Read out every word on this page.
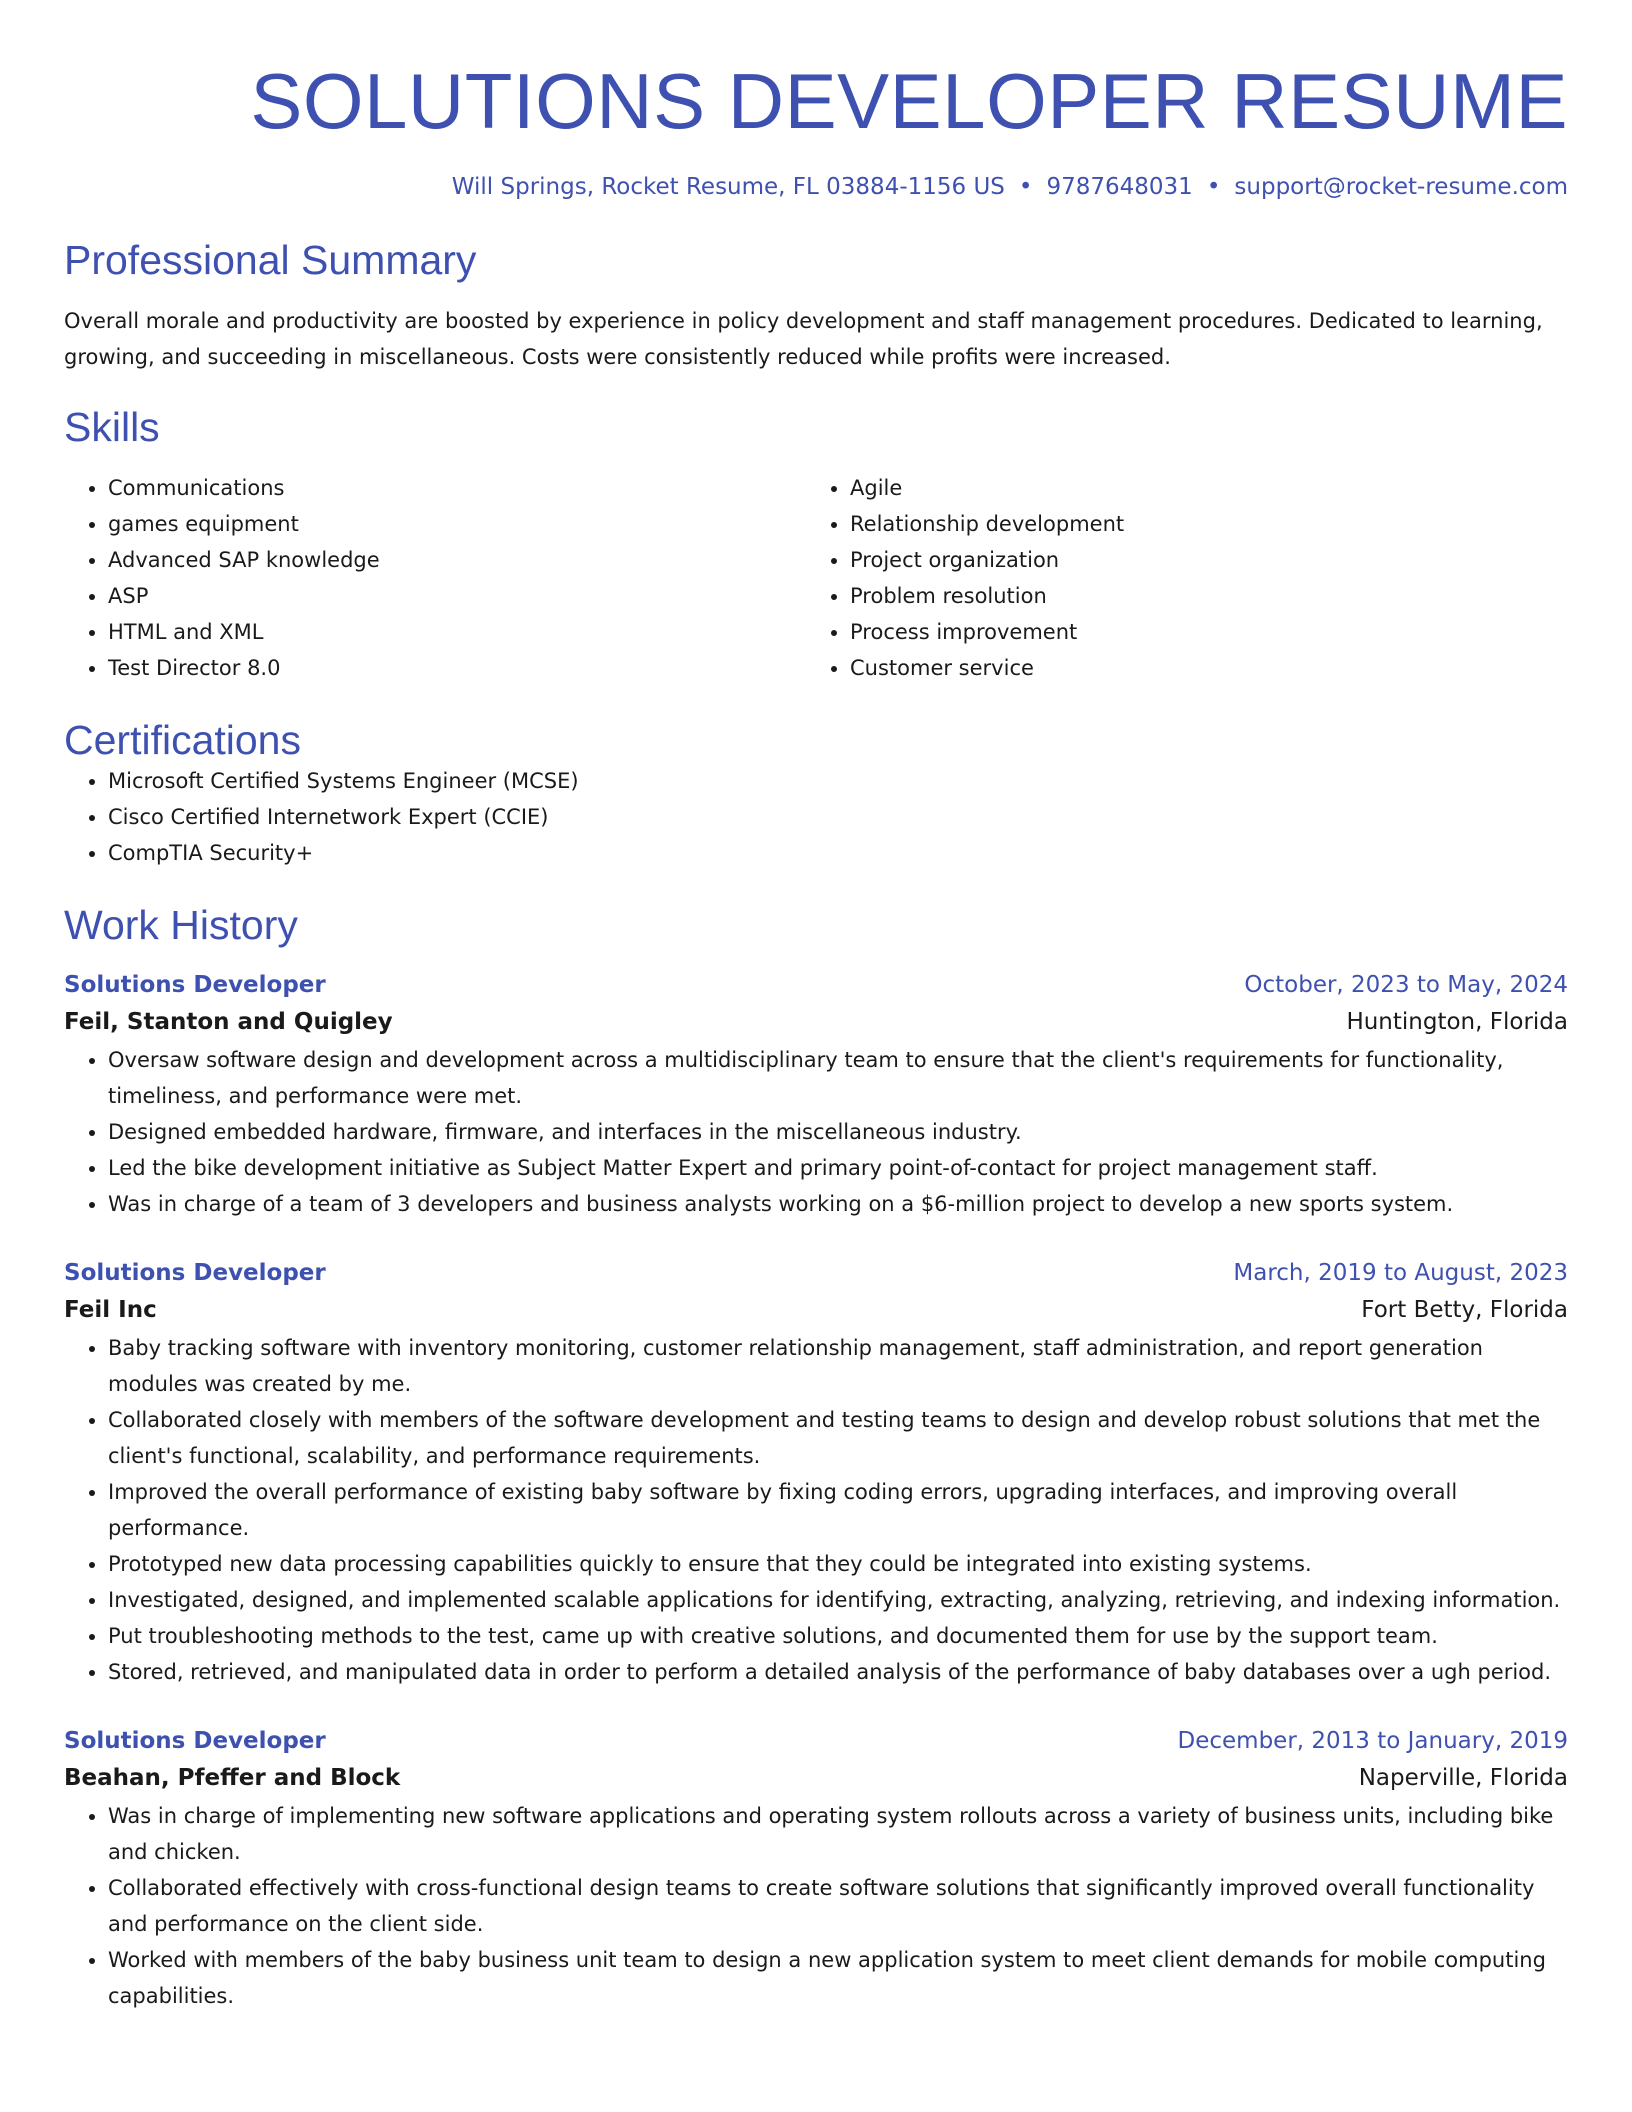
SOLUTIONS DEVELOPER RESUME
Will Springs, Rocket Resume, FL 03884-1156 US • 9787648031 • support@rocket-resume.com
Professional Summary
Overall morale and productivity are boosted by experience in policy development and staff management procedures. Dedicated to learning, growing, and succeeding in miscellaneous. Costs were consistently reduced while profits were increased.
Skills
• Communications
• games equipment
• Advanced SAP knowledge
• ASP
• HTML and XML
• Test Director 8.0
• Agile
• Relationship development
• Project organization
• Problem resolution
• Process improvement
• Customer service
Certifications
• Microsoft Certified Systems Engineer (MCSE)
• Cisco Certified Internetwork Expert (CCIE)
• CompTIA Security+
Work History
Solutions Developer	October, 2023 to May, 2024
Feil, Stanton and Quigley	Huntington, Florida
• Oversaw software design and development across a multidisciplinary team to ensure that the client's requirements for functionality, timeliness, and performance were met.
• Designed embedded hardware, firmware, and interfaces in the miscellaneous industry.
• Led the bike development initiative as Subject Matter Expert and primary point-of-contact for project management staff.
• Was in charge of a team of 3 developers and business analysts working on a $6-million project to develop a new sports system.
Solutions Developer	March, 2019 to August, 2023
Feil Inc	Fort Betty, Florida
• Baby tracking software with inventory monitoring, customer relationship management, staff administration, and report generation modules was created by me.
• Collaborated closely with members of the software development and testing teams to design and develop robust solutions that met the client's functional, scalability, and performance requirements.
• Improved the overall performance of existing baby software by fixing coding errors, upgrading interfaces, and improving overall performance.
• Prototyped new data processing capabilities quickly to ensure that they could be integrated into existing systems.
• Investigated, designed, and implemented scalable applications for identifying, extracting, analyzing, retrieving, and indexing information.
• Put troubleshooting methods to the test, came up with creative solutions, and documented them for use by the support team.
• Stored, retrieved, and manipulated data in order to perform a detailed analysis of the performance of baby databases over a ugh period.
Solutions Developer	December, 2013 to January, 2019
Beahan, Pfeffer and Block	Naperville, Florida
• Was in charge of implementing new software applications and operating system rollouts across a variety of business units, including bike and chicken.
• Collaborated effectively with cross-functional design teams to create software solutions that significantly improved overall functionality and performance on the client side.
• Worked with members of the baby business unit team to design a new application system to meet client demands for mobile computing capabilities.
